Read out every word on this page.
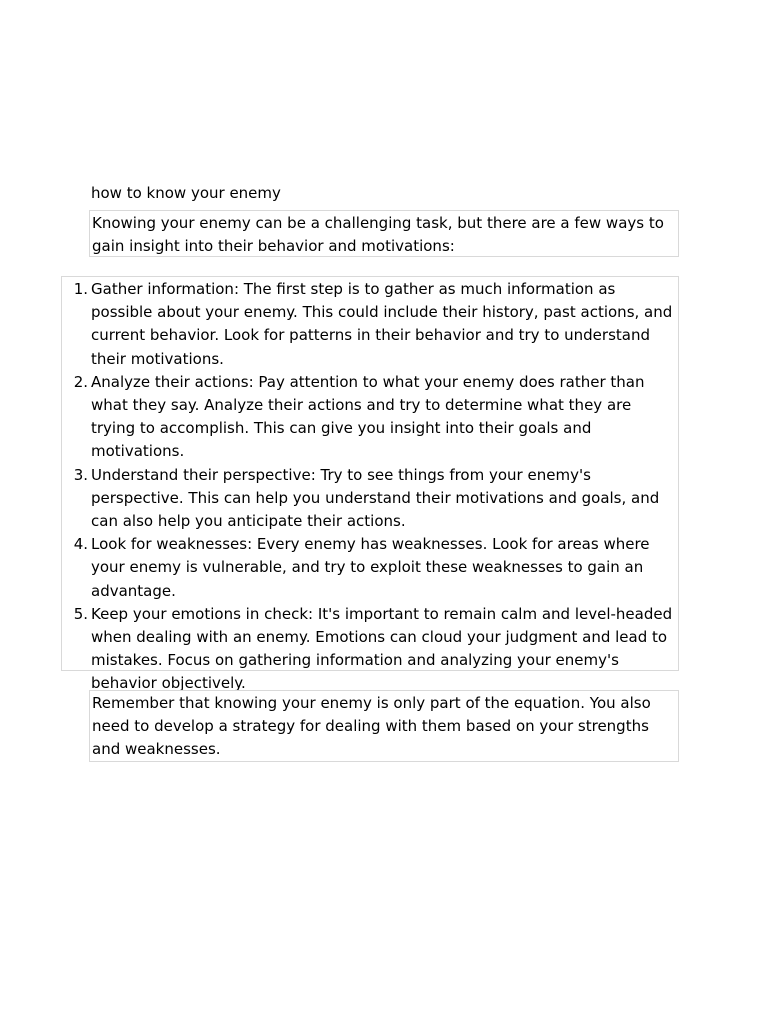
how to know your enemy
Knowing your enemy can be a challenging task, but there are a few ways to gain insight into their behavior and motivations:
1. Gather information: The first step is to gather as much information as possible about your enemy. This could include their history, past actions, and current behavior. Look for patterns in their behavior and try to understand their motivations.
2. Analyze their actions: Pay attention to what your enemy does rather than what they say. Analyze their actions and try to determine what they are trying to accomplish. This can give you insight into their goals and motivations.
3. Understand their perspective: Try to see things from your enemy's perspective. This can help you understand their motivations and goals, and can also help you anticipate their actions.
4. Look for weaknesses: Every enemy has weaknesses. Look for areas where your enemy is vulnerable, and try to exploit these weaknesses to gain an advantage.
5. Keep your emotions in check: It's important to remain calm and level-headed when dealing with an enemy. Emotions can cloud your judgment and lead to mistakes. Focus on gathering information and analyzing your enemy's behavior objectively.
Remember that knowing your enemy is only part of the equation. You also need to develop a strategy for dealing with them based on your strengths and weaknesses.
